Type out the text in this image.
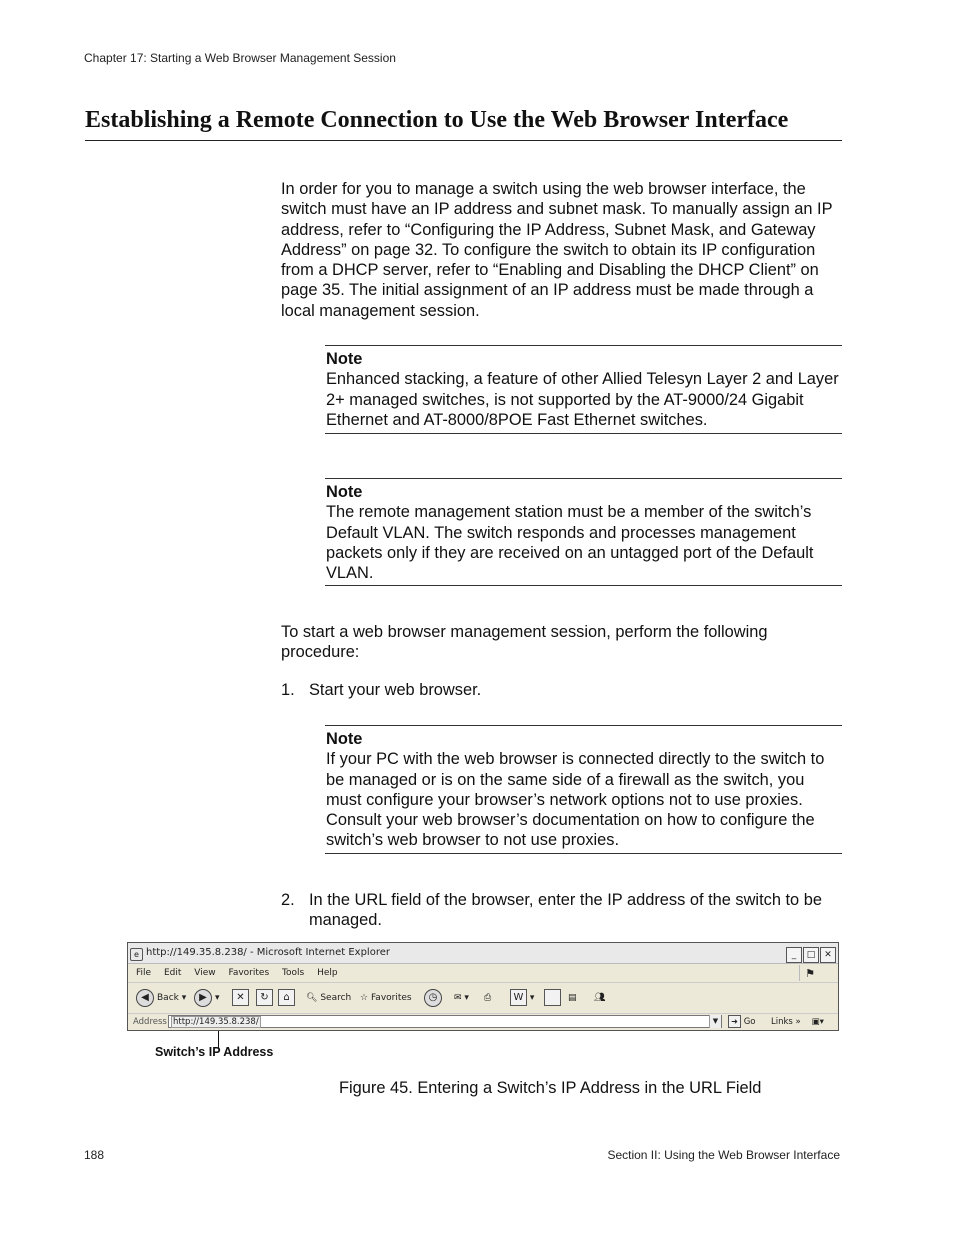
Chapter 17: Starting a Web Browser Management Session
Establishing a Remote Connection to Use the Web Browser Interface
In order for you to manage a switch using the web browser interface, the switch must have an IP address and subnet mask. To manually assign an IP address, refer to “Configuring the IP Address, Subnet Mask, and Gateway Address” on page 32. To configure the switch to obtain its IP configuration from a DHCP server, refer to “Enabling and Disabling the DHCP Client” on page 35. The initial assignment of an IP address must be made through a local management session.
Note
Enhanced stacking, a feature of other Allied Telesyn Layer 2 and Layer 2+ managed switches, is not supported by the AT-9000/24 Gigabit Ethernet and AT-8000/8POE Fast Ethernet switches.
Note
The remote management station must be a member of the switch’s Default VLAN. The switch responds and processes management packets only if they are received on an untagged port of the Default VLAN.
To start a web browser management session, perform the following procedure:
1. Start your web browser.
Note
If your PC with the web browser is connected directly to the switch to be managed or is on the same side of a firewall as the switch, you must configure your browser’s network options not to use proxies. Consult your web browser’s documentation on how to configure the switch’s web browser to not use proxies.
2. In the URL field of the browser, enter the IP address of the switch to be managed.
e http://149.35.8.238/ - Microsoft Internet Explorer	_ □ ✕
File Edit View Favorites Tools Help	⚑
◀ Back ▾	▶ ▾	✕	↻	⌂	🔍︎ Search ☆ Favorites	◷	✉ ▾ ⎙	W ▾	▤ 👥︎
Address http://149.35.8.238/	▼	➜ Go Links »    ▣▾
Switch’s IP Address
Figure 45. Entering a Switch’s IP Address in the URL Field
188	Section II: Using the Web Browser Interface
